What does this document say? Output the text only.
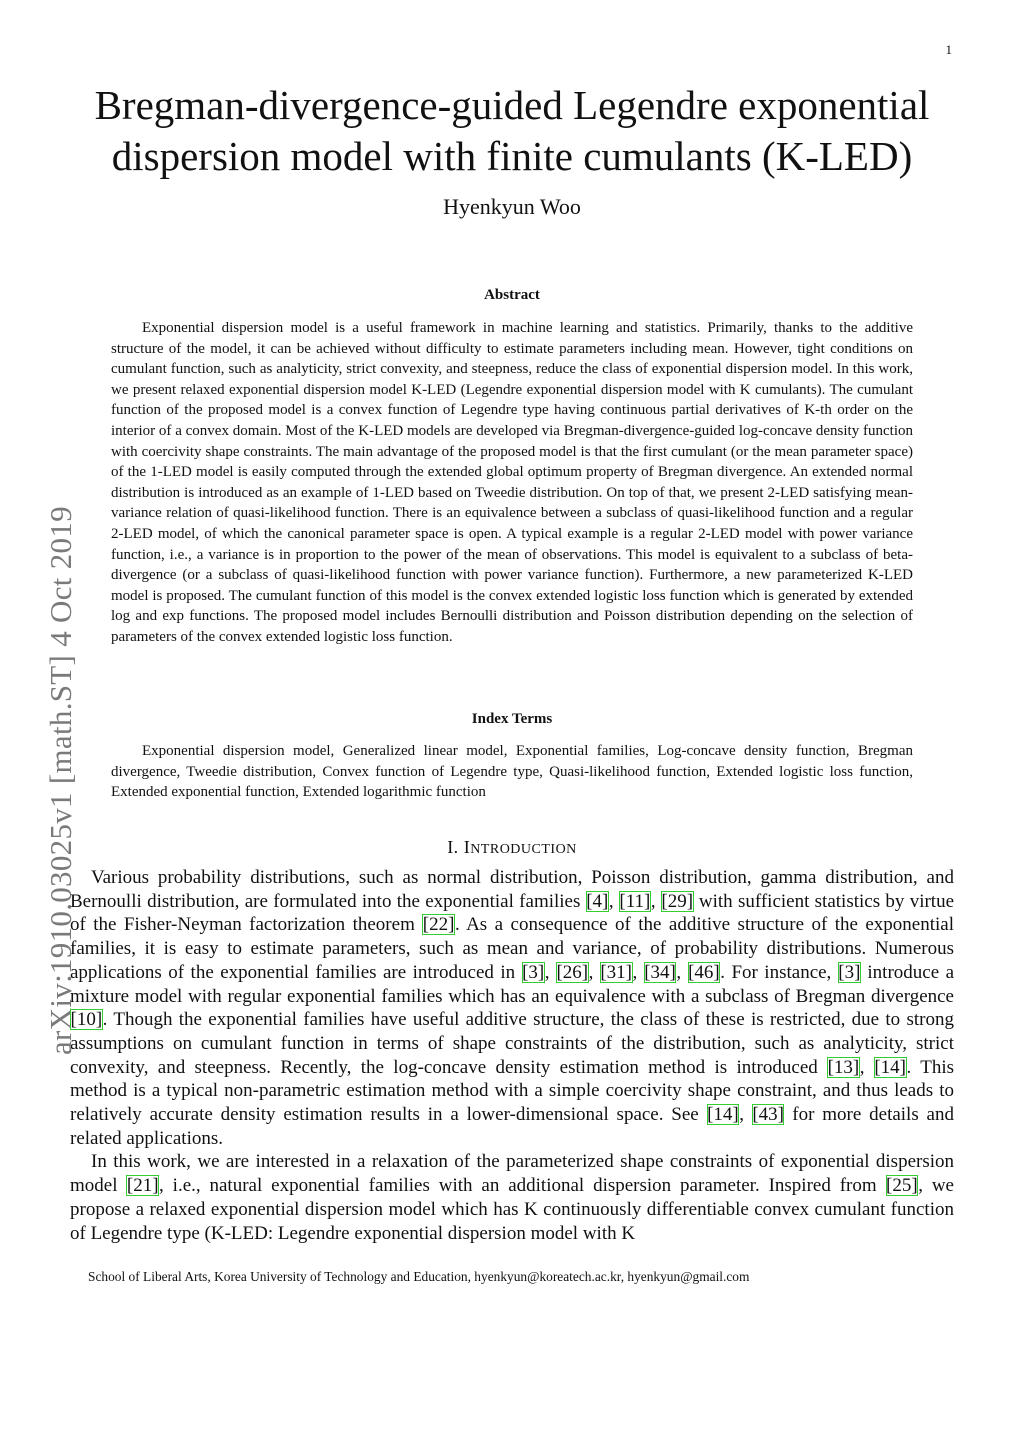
1
arXiv:1910.03025v1 [math.ST] 4 Oct 2019
Bregman-divergence-guided Legendre exponential
dispersion model with finite cumulants (K-LED)
Hyenkyun Woo
Abstract

Exponential dispersion model is a useful framework in machine learning and statistics. Primarily, thanks to the additive structure of the model, it can be achieved without difficulty to estimate parameters including mean. However, tight conditions on cumulant function, such as analyticity, strict convexity, and steepness, reduce the class of exponential dispersion model. In this work, we present relaxed exponential dispersion model K-LED (Legendre exponential dispersion model with K cumulants). The cumulant function of the proposed model is a convex function of Legendre type having continuous partial derivatives of K-th order on the interior of a convex domain. Most of the K-LED models are developed via Bregman-divergence-guided log-concave density function with coercivity shape constraints. The main advantage of the proposed model is that the first cumulant (or the mean parameter space) of the 1-LED model is easily computed through the extended global optimum property of Bregman divergence. An extended normal distribution is introduced as an example of 1-LED based on Tweedie distribution. On top of that, we present 2-LED satisfying mean-variance relation of quasi-likelihood function. There is an equivalence between a subclass of quasi-likelihood function and a regular 2-LED model, of which the canonical parameter space is open. A typical example is a regular 2-LED model with power variance function, i.e., a variance is in proportion to the power of the mean of observations. This model is equivalent to a subclass of beta-divergence (or a subclass of quasi-likelihood function with power variance function). Furthermore, a new parameterized K-LED model is proposed. The cumulant function of this model is the convex extended logistic loss function which is generated by extended log and exp functions. The proposed model includes Bernoulli distribution and Poisson distribution depending on the selection of parameters of the convex extended logistic loss function.

Index Terms

Exponential dispersion model, Generalized linear model, Exponential families, Log-concave density function, Bregman divergence, Tweedie distribution, Convex function of Legendre type, Quasi-likelihood function, Extended logistic loss function, Extended exponential function, Extended logarithmic function

I. INTRODUCTION

Various probability distributions, such as normal distribution, Poisson distribution, gamma distribution, and Bernoulli distribution, are formulated into the exponential families [4], [11], [29] with sufficient statistics by virtue of the Fisher-Neyman factorization theorem [22]. As a consequence of the additive structure of the exponential families, it is easy to estimate parameters, such as mean and variance, of probability distributions. Numerous applications of the exponential families are introduced in [3], [26], [31], [34], [46]. For instance, [3] introduce a mixture model with regular exponential families which has an equivalence with a subclass of Bregman divergence [10]. Though the exponential families have useful additive structure, the class of these is restricted, due to strong assumptions on cumulant function in terms of shape constraints of the distribution, such as analyticity, strict convexity, and steepness. Recently, the log-concave density estimation method is introduced [13], [14]. This method is a typical non-parametric estimation method with a simple coercivity shape constraint, and thus leads to relatively accurate density estimation results in a lower-dimensional space. See [14], [43] for more details and related applications.

In this work, we are interested in a relaxation of the parameterized shape constraints of exponential dispersion model [21], i.e., natural exponential families with an additional dispersion parameter. Inspired from [25], we propose a relaxed exponential dispersion model which has K continuously differentiable convex cumulant function of Legendre type (K-LED: Legendre exponential dispersion model with K

School of Liberal Arts, Korea University of Technology and Education, hyenkyun@koreatech.ac.kr, hyenkyun@gmail.com
